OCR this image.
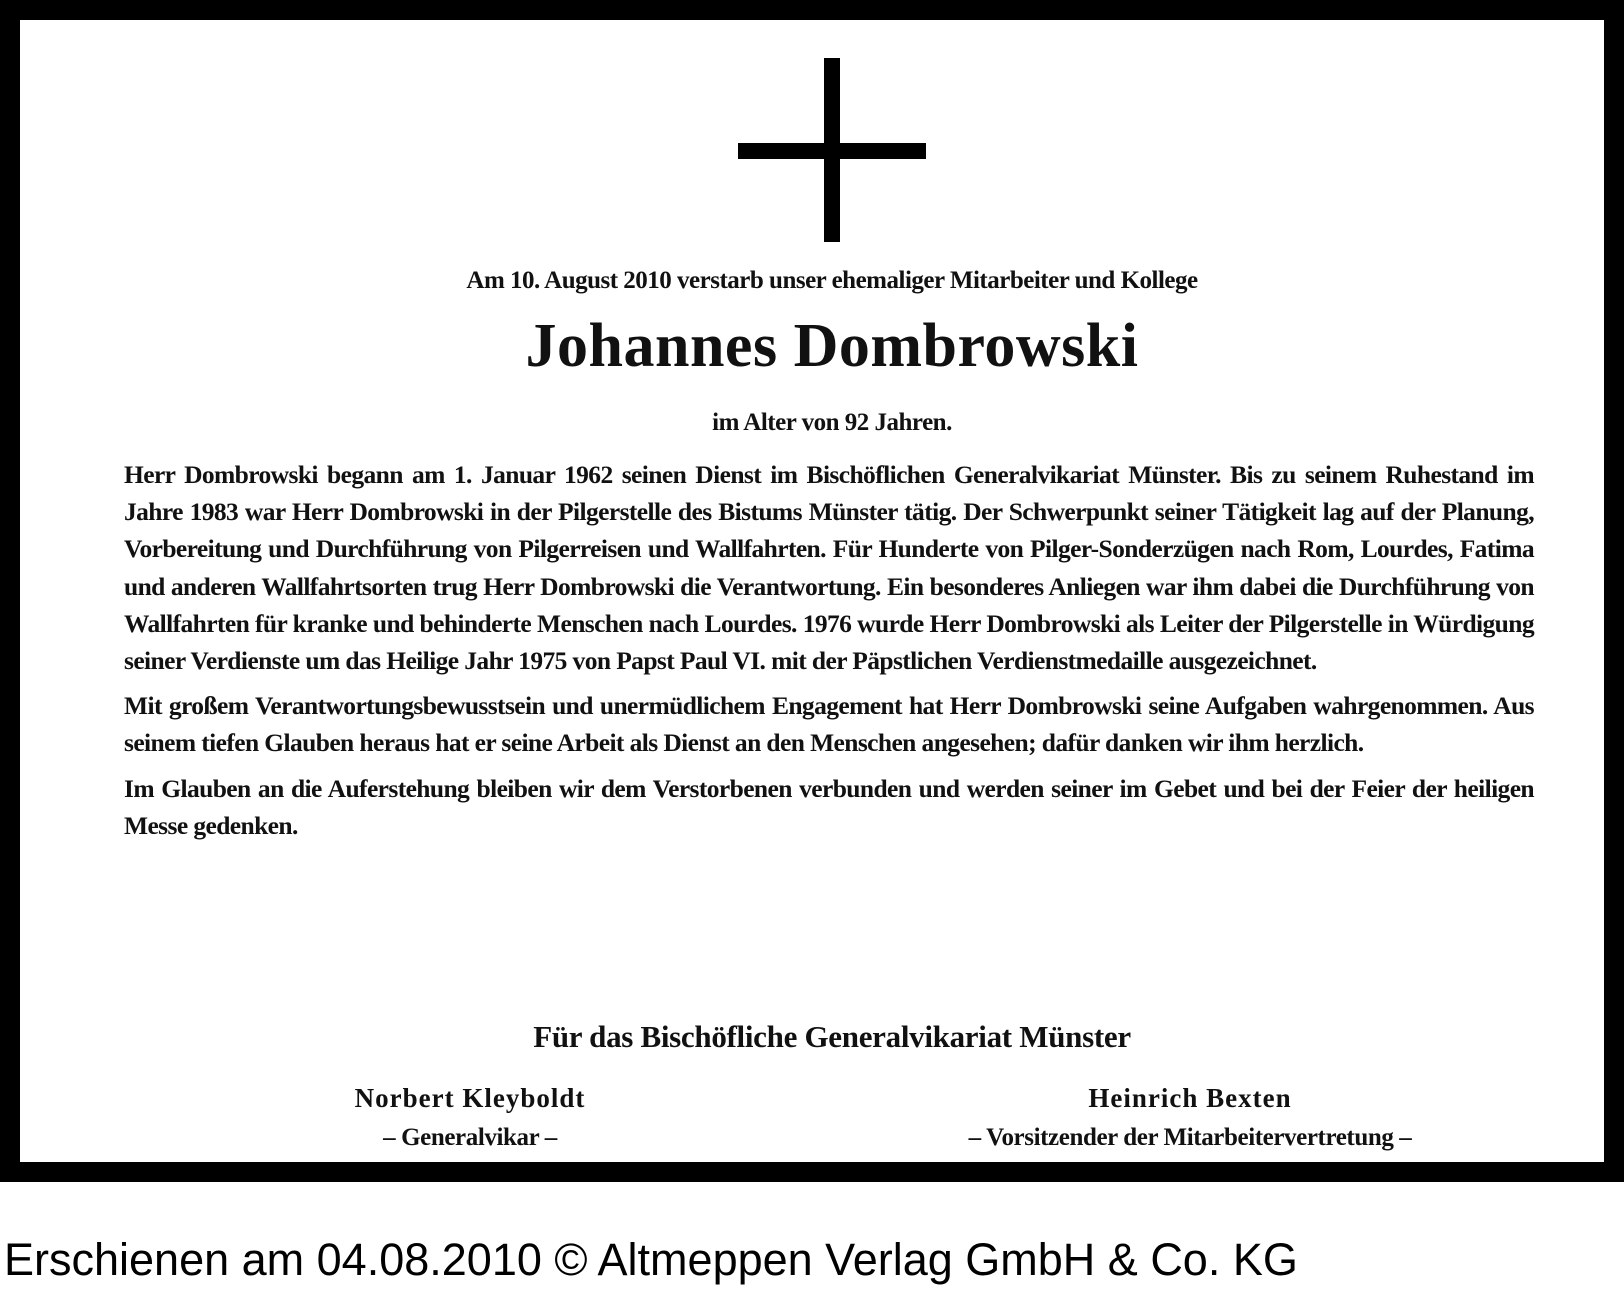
Am 10. August 2010 verstarb unser ehemaliger Mitarbeiter und Kollege
Johannes Dombrowski
im Alter von 92 Jahren.

Herr Dombrowski begann am 1. Januar 1962 seinen Dienst im Bischöflichen Generalvikariat Münster. Bis zu seinem Ruhestand im Jahre 1983 war Herr Dombrowski in der Pilgerstelle des Bistums Münster tätig. Der Schwerpunkt seiner Tätigkeit lag auf der Planung, Vorbereitung und Durchführung von Pilgerreisen und Wallfahrten. Für Hunderte von Pilger-Sonderzügen nach Rom, Lourdes, Fatima und anderen Wallfahrtsorten trug Herr Dombrowski die Verantwortung. Ein besonderes Anliegen war ihm dabei die Durchführung von Wallfahrten für kranke und behinderte Menschen nach Lourdes. 1976 wurde Herr Dombrowski als Leiter der Pilgerstelle in Würdigung seiner Verdienste um das Heilige Jahr 1975 von Papst Paul VI. mit der Päpstlichen Verdienstmedaille ausgezeichnet.

Mit großem Verantwortungsbewusstsein und unermüdlichem Engagement hat Herr Dombrowski seine Aufgaben wahrgenommen. Aus seinem tiefen Glauben heraus hat er seine Arbeit als Dienst an den Menschen angesehen; dafür danken wir ihm herzlich.

Im Glauben an die Auferstehung bleiben wir dem Verstorbenen verbunden und werden seiner im Gebet und bei der Feier der heiligen Messe gedenken.

Für das Bischöfliche Generalvikariat Münster
Norbert Kleyboldt
– Generalvikar –
Heinrich Bexten
– Vorsitzender der Mitarbeitervertretung –
Erschienen am 04.08.2010 © Altmeppen Verlag GmbH & Co. KG
